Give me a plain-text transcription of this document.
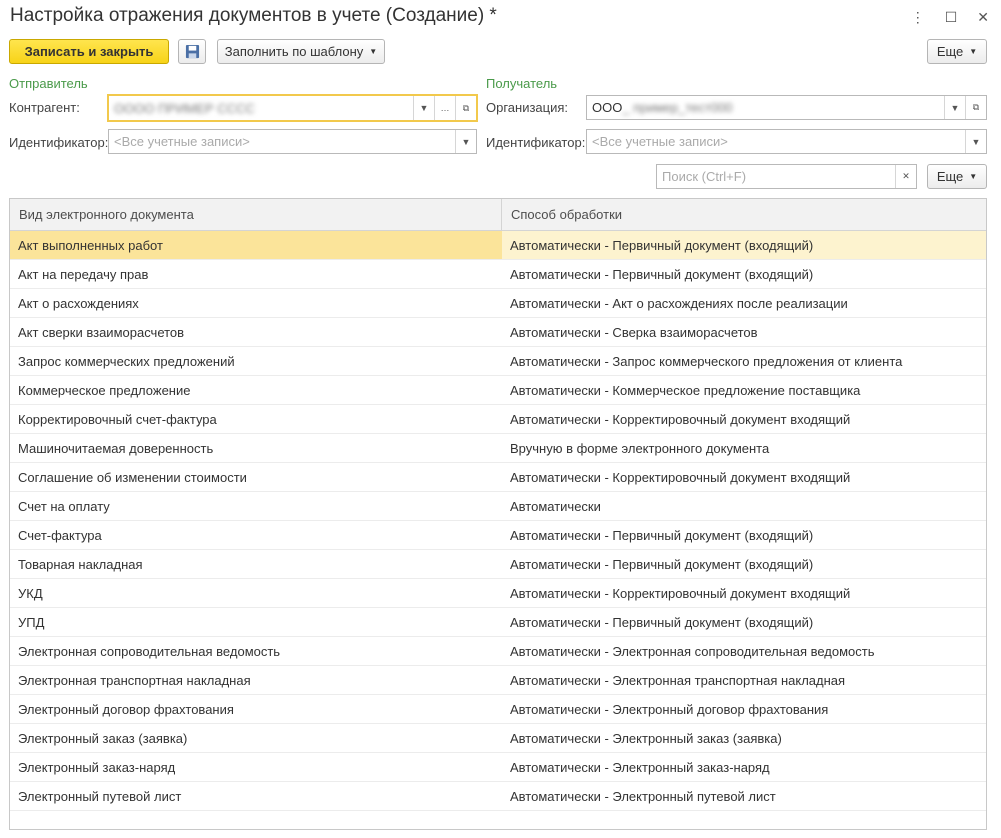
Настройка отражения документов в учете (Создание) *	⋮ ☐ ✕
Записать и закрыть	Заполнить по шаблону ▼	Еще ▼
Отправитель	Получатель
Контрагент:	ОООО ПРИМЕР СССС	▼	…	⧉	Организация: ООО _ пример_тест000	▼	⧉
Идентификатор: <Все учетные записи>	▼	Идентификатор: <Все учетные записи>	▼
Поиск (Ctrl+F)	✕	Еще ▼
Вид электронного документа	Способ обработки
Акт выполненных работ	Автоматически - Первичный документ (входящий)
Акт на передачу прав	Автоматически - Первичный документ (входящий)
Акт о расхождениях	Автоматически - Акт о расхождениях после реализации
Акт сверки взаиморасчетов	Автоматически - Сверка взаиморасчетов
Запрос коммерческих предложений	Автоматически - Запрос коммерческого предложения от клиента
Коммерческое предложение	Автоматически - Коммерческое предложение поставщика
Корректировочный счет-фактура	Автоматически - Корректировочный документ входящий
Машиночитаемая доверенность	Вручную в форме электронного документа
Соглашение об изменении стоимости	Автоматически - Корректировочный документ входящий
Счет на оплату	Автоматически
Счет-фактура	Автоматически - Первичный документ (входящий)
Товарная накладная	Автоматически - Первичный документ (входящий)
УКД	Автоматически - Корректировочный документ входящий
УПД	Автоматически - Первичный документ (входящий)
Электронная сопроводительная ведомость	Автоматически - Электронная сопроводительная ведомость
Электронная транспортная накладная	Автоматически - Электронная транспортная накладная
Электронный договор фрахтования	Автоматически - Электронный договор фрахтования
Электронный заказ (заявка)	Автоматически - Электронный заказ (заявка)
Электронный заказ-наряд	Автоматически - Электронный заказ-наряд
Электронный путевой лист	Автоматически - Электронный путевой лист
